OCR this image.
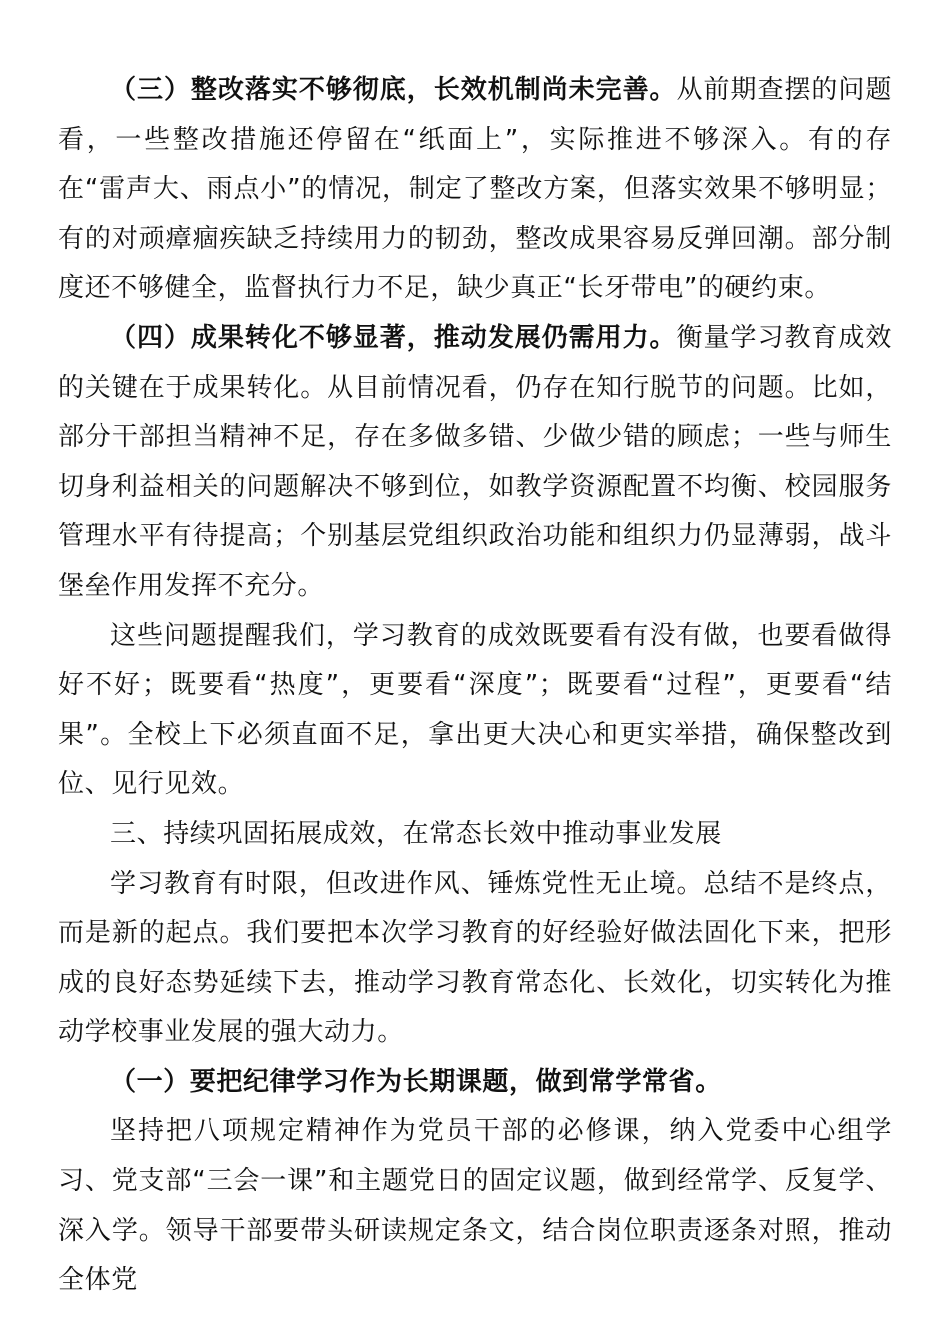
（三）整改落实不够彻底，长效机制尚未完善。从前期查摆的问题看，一些整改措施还停留在“纸面上”，实际推进不够深入。有的存在“雷声大、雨点小”的情况，制定了整改方案，但落实效果不够明显；有的对顽瘴痼疾缺乏持续用力的韧劲，整改成果容易反弹回潮。部分制度还不够健全，监督执行力不足，缺少真正“长牙带电”的硬约束。

（四）成果转化不够显著，推动发展仍需用力。衡量学习教育成效的关键在于成果转化。从目前情况看，仍存在知行脱节的问题。比如，部分干部担当精神不足，存在多做多错、少做少错的顾虑；一些与师生切身利益相关的问题解决不够到位，如教学资源配置不均衡、校园服务管理水平有待提高；个别基层党组织政治功能和组织力仍显薄弱，战斗堡垒作用发挥不充分。

这些问题提醒我们，学习教育的成效既要看有没有做，也要看做得好不好；既要看“热度”，更要看“深度”；既要看“过程”，更要看“结果”。全校上下必须直面不足，拿出更大决心和更实举措，确保整改到位、见行见效。

三、持续巩固拓展成效，在常态长效中推动事业发展

学习教育有时限，但改进作风、锤炼党性无止境。总结不是终点，而是新的起点。我们要把本次学习教育的好经验好做法固化下来，把形成的良好态势延续下去，推动学习教育常态化、长效化，切实转化为推动学校事业发展的强大动力。

（一）要把纪律学习作为长期课题，做到常学常省。

坚持把八项规定精神作为党员干部的必修课，纳入党委中心组学习、党支部“三会一课”和主题党日的固定议题，做到经常学、反复学、深入学。领导干部要带头研读规定条文，结合岗位职责逐条对照，推动全体党
